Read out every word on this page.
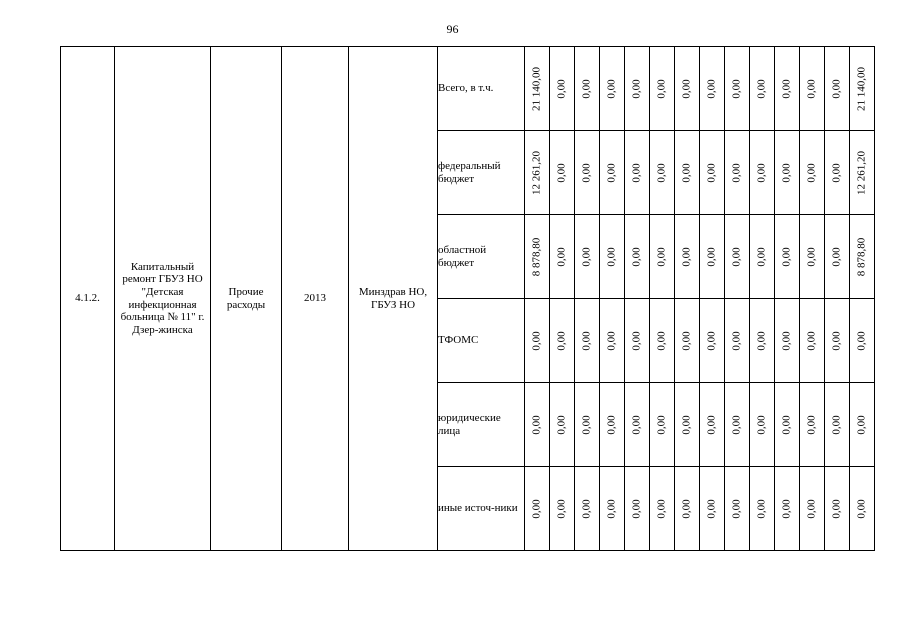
96
4.1.2.	Капитальный ремонт ГБУЗ НО "Детская инфекционная больница № 11" г. Дзер-жинска	Прочие расходы	2013	Минздрав НО, ГБУЗ НО	Всего, в т.ч.	21 140,00	0,00	0,00	0,00	0,00	0,00	0,00	0,00	0,00	0,00	0,00	0,00	0,00	21 140,00

					федеральный бюджет	12 261,20	0,00	0,00	0,00	0,00	0,00	0,00	0,00	0,00	0,00	0,00	0,00	0,00	12 261,20

					областной бюджет	8 878,80	0,00	0,00	0,00	0,00	0,00	0,00	0,00	0,00	0,00	0,00	0,00	0,00	8 878,80

					ТФОМС	0,00	0,00	0,00	0,00	0,00	0,00	0,00	0,00	0,00	0,00	0,00	0,00	0,00	0,00

					юридические лица	0,00	0,00	0,00	0,00	0,00	0,00	0,00	0,00	0,00	0,00	0,00	0,00	0,00	0,00

					иные источ-ники	0,00	0,00	0,00	0,00	0,00	0,00	0,00	0,00	0,00	0,00	0,00	0,00	0,00	0,00
